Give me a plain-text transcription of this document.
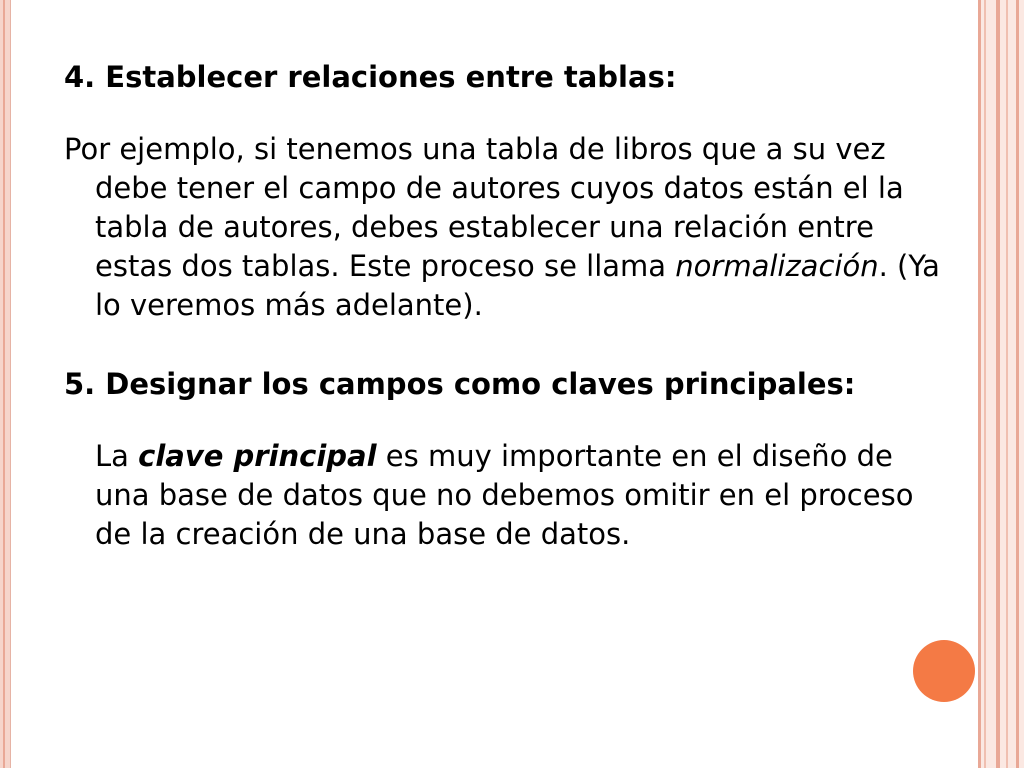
4. Establecer relaciones entre tablas:
Por ejemplo, si tenemos una tabla de libros que a su vez debe tener el campo de autores cuyos datos están el la tabla de autores, debes establecer una relación entre estas dos tablas. Este proceso se llama normalización. (Ya lo veremos más adelante).
5. Designar los campos como claves principales:
La clave principal es muy importante en el diseño de una base de datos que no debemos omitir en el proceso de la creación de una base de datos.
